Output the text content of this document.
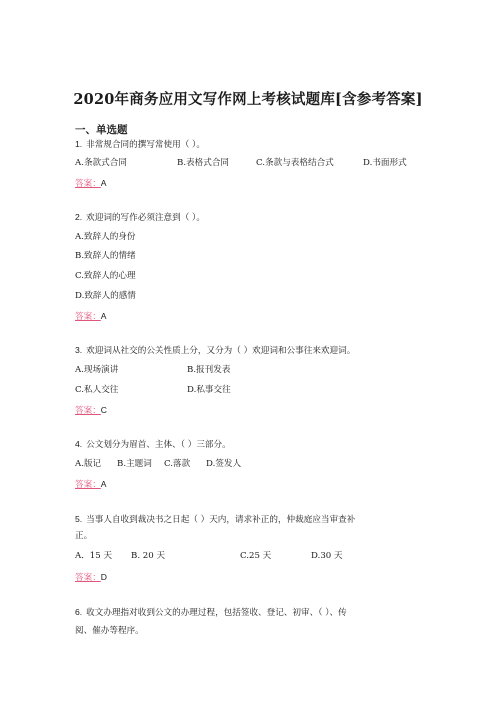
2020年商务应用文写作网上考核试题库[含参考答案]
一、单选题
1. 非常规合同的撰写常使用（ ）。
A.条款式合同	B.表格式合同	C.条款与表格结合式	D.书面形式
答案：A
2. 欢迎词的写作必须注意到（ ）。
A.致辞人的身份
B.致辞人的情绪
C.致辞人的心理
D.致辞人的感情
答案：A
3. 欢迎词从社交的公关性质上分，又分为（ ）欢迎词和公事往来欢迎词。
A.现场演讲	B.报刊发表
C.私人交往	D.私事交往
答案：C
4. 公文划分为眉首、主体、（ ）三部分。
A.版记 B.主题词 C.落款 D.签发人
答案：A
5. 当事人自收到裁决书之日起（ ）天内，请求补正的，仲裁庭应当审查补
正。
A．15 天 B. 20 天	C.25 天	D.30 天
答案：D
6. 收文办理指对收到公文的办理过程，包括签收、登记、初审、（ ）、传
阅、催办等程序。
